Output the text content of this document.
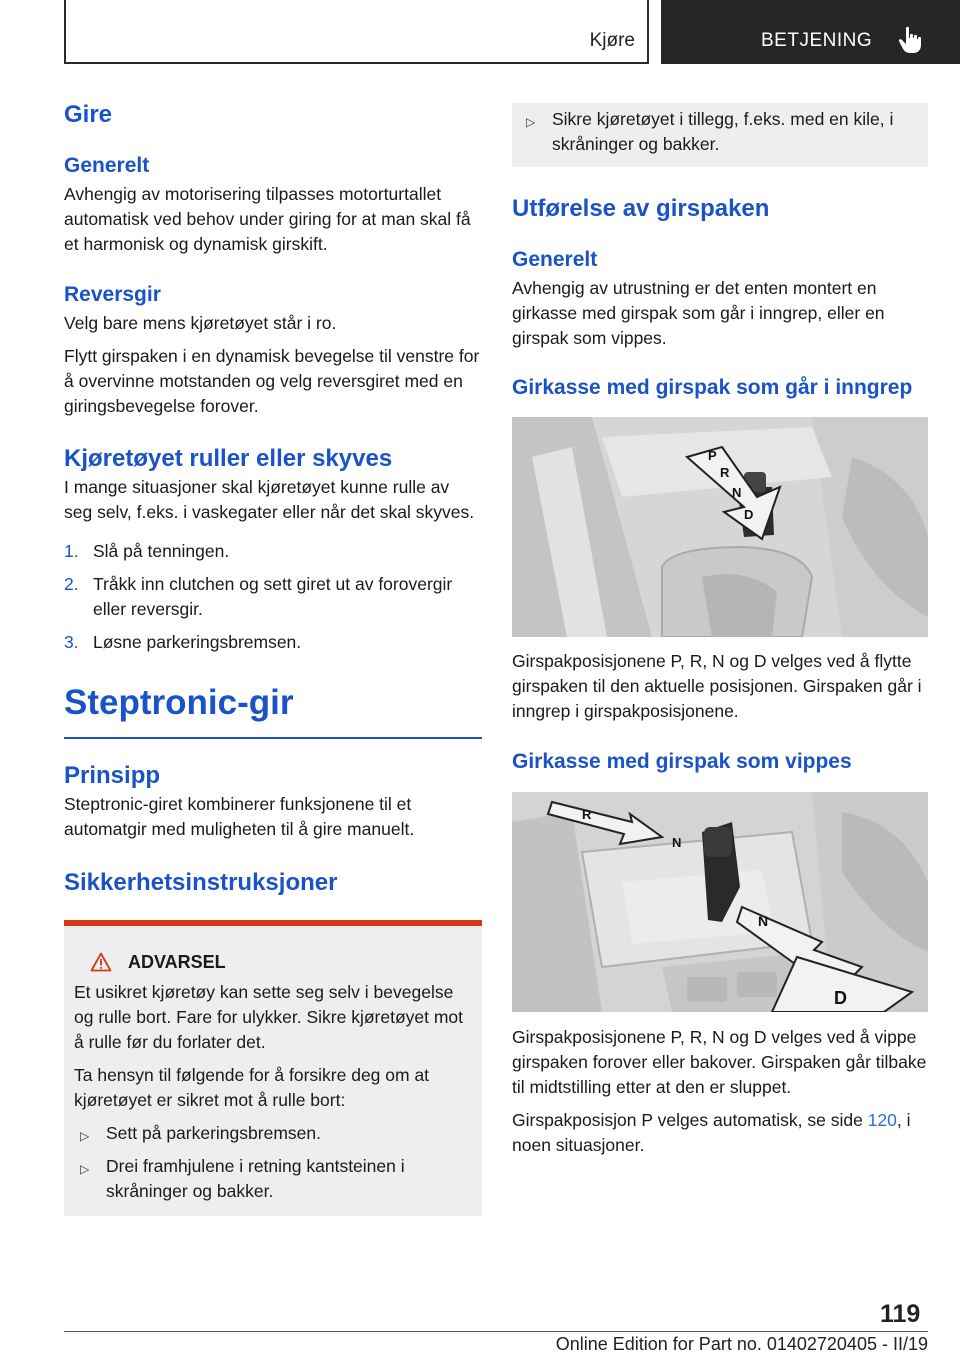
Kjøre	BETJENING
Gire
Generelt

Avhengig av motorisering tilpasses motorturtallet automatisk ved behov under giring for at man skal få et harmonisk og dynamisk girskift.

Reversgir

Velg bare mens kjøretøyet står i ro.

Flytt girspaken i en dynamisk bevegelse til venstre for å overvinne motstanden og velg reversgiret med en giringsbevegelse forover.

Kjøretøyet ruller eller skyves

I mange situasjoner skal kjøretøyet kunne rulle av seg selv, f.eks. i vaskegater eller når det skal skyves.

1. Slå på tenningen.
2. Tråkk inn clutchen og sett giret ut av forovergir eller reversgir.
3. Løsne parkeringsbremsen.
Steptronic-gir
Prinsipp

Steptronic-giret kombinerer funksjonene til et automatgir med muligheten til å gire manuelt.

Sikkerhetsinstruksjoner
ADVARSEL

Et usikret kjøretøy kan sette seg selv i bevegelse og rulle bort. Fare for ulykker. Sikre kjøretøyet mot å rulle før du forlater det.

Ta hensyn til følgende for å forsikre deg om at kjøretøyet er sikret mot å rulle bort:

▷ Sett på parkeringsbremsen.
▷ Drei framhjulene i retning kantsteinen i skråninger og bakker.
▷ Sikre kjøretøyet i tillegg, f.eks. med en kile, i skråninger og bakker.
Utførelse av girspaken
Generelt

Avhengig av utrustning er det enten montert en girkasse med girspak som går i inngrep, eller en girspak som vippes.

Girkasse med girspak som går i inngrep
P
R
N
D

Girspakposisjonene P, R, N og D velges ved å flytte girspaken til den aktuelle posisjonen. Girspaken går i inngrep i girspakposisjonene.

Girkasse med girspak som vippes
R
N
N
D

Girspakposisjonene P, R, N og D velges ved å vippe girspaken forover eller bakover. Girspaken går tilbake til midtstilling etter at den er sluppet.

Girspakposisjon P velges automatisk, se side 120, i noen situasjoner.

119
Online Edition for Part no. 01402720405 - II/19
